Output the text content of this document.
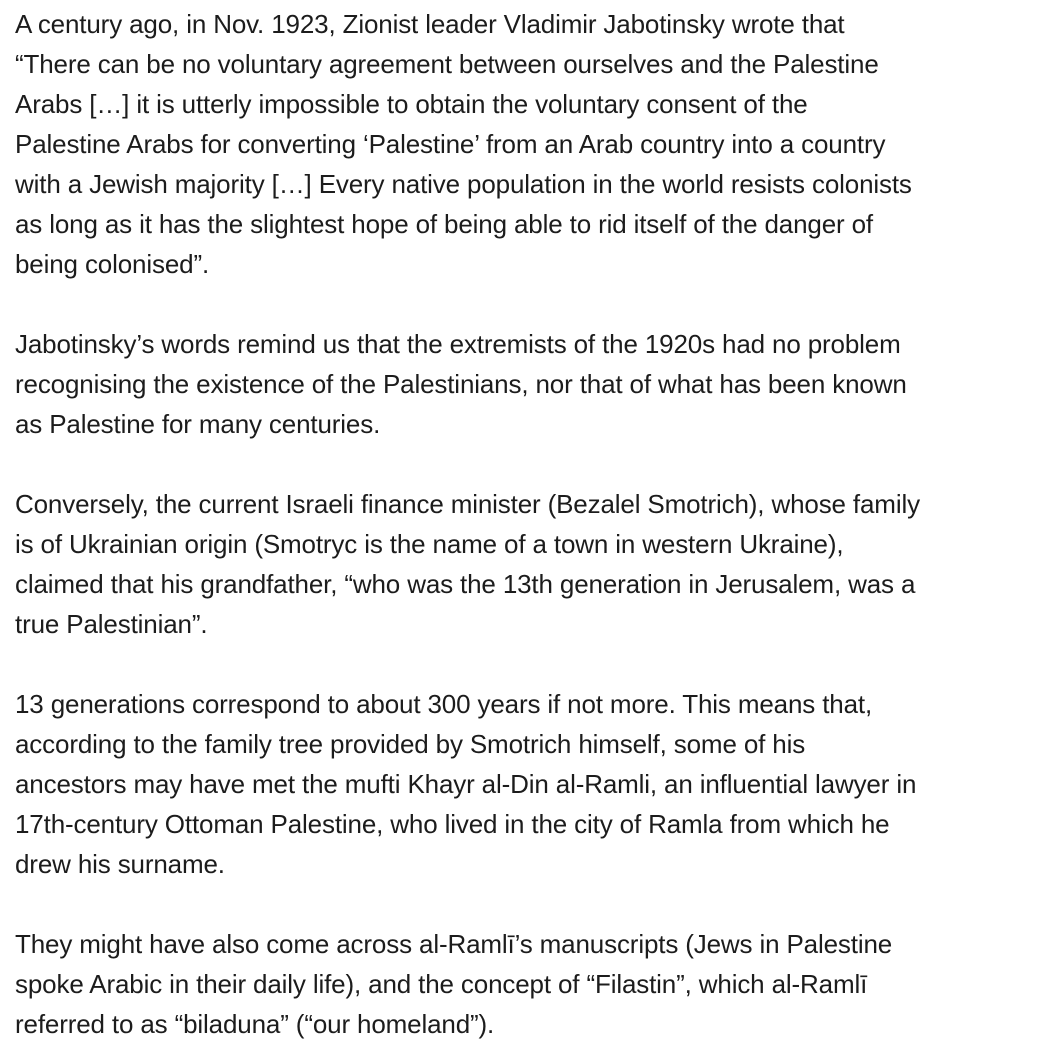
A century ago, in Nov. 1923, Zionist leader Vladimir Jabotinsky wrote that
“There can be no voluntary agreement between ourselves and the Palestine
Arabs […] it is utterly impossible to obtain the voluntary consent of the
Palestine Arabs for converting ‘Palestine’ from an Arab country into a country
with a Jewish majority […] Every native population in the world resists colonists
as long as it has the slightest hope of being able to rid itself of the danger of
being colonised”.

Jabotinsky’s words remind us that the extremists of the 1920s had no problem
recognising the existence of the Palestinians, nor that of what has been known
as Palestine for many centuries.

Conversely, the current Israeli finance minister (Bezalel Smotrich), whose family
is of Ukrainian origin (Smotryc is the name of a town in western Ukraine),
claimed that his grandfather, “who was the 13th generation in Jerusalem, was a
true Palestinian”.

13 generations correspond to about 300 years if not more. This means that,
according to the family tree provided by Smotrich himself, some of his
ancestors may have met the mufti Khayr al-Din al-Ramli, an influential lawyer in
17th-century Ottoman Palestine, who lived in the city of Ramla from which he
drew his surname.

They might have also come across al-Ramlī’s manuscripts (Jews in Palestine
spoke Arabic in their daily life), and the concept of “Filastin”, which al-Ramlī
referred to as “biladuna” (“our homeland”).
